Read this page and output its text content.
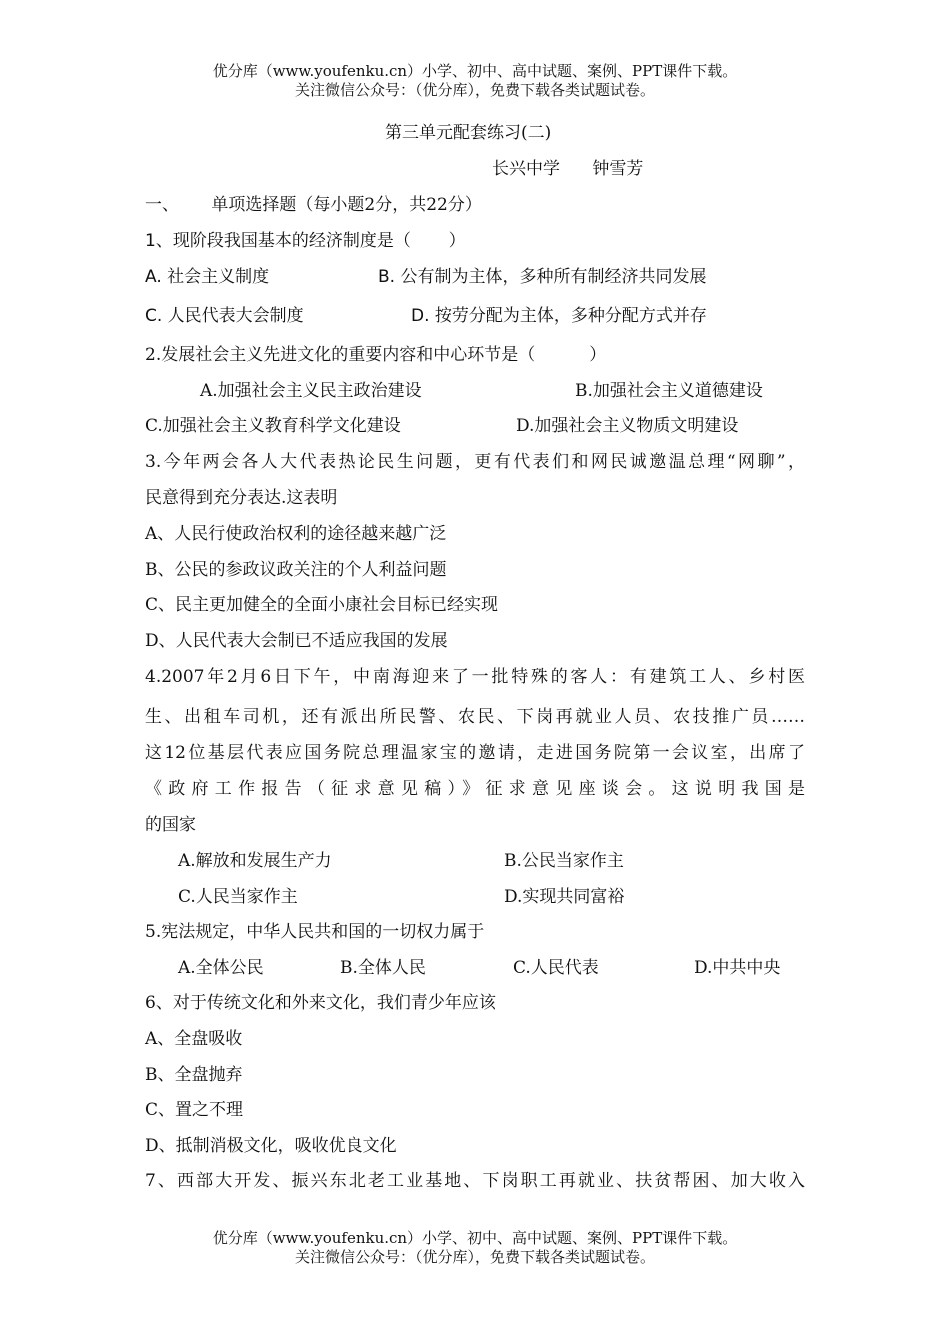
优分库（www.youfenku.cn）小学、初中、高中试题、案例、PPT课件下载。
关注微信公众号：（优分库），免费下载各类试题试卷。
第三单元配套练习(二)
长兴中学      钟雪芳
一、      单项选择题（每小题2分，共22分）
1、现阶段我国基本的经济制度是（       ）
A. 社会主义制度	B. 公有制为主体，多种所有制经济共同发展
C. 人民代表大会制度	D. 按劳分配为主体，多种分配方式并存
2.发展社会主义先进文化的重要内容和中心环节是（          ）
A.加强社会主义民主政治建设	B.加强社会主义道德建设
C.加强社会主义教育科学文化建设	D.加强社会主义物质文明建设
3.今年两会各人大代表热论民生问题，更有代表们和网民诚邀温总理“网聊”，
民意得到充分表达.这表明
A、人民行使政治权利的途径越来越广泛
B、公民的参政议政关注的个人利益问题
C、民主更加健全的全面小康社会目标已经实现
D、人民代表大会制已不适应我国的发展
4.2007年2月6日下午，中南海迎来了一批特殊的客人：有建筑工人、乡村医
生、出租车司机，还有派出所民警、农民、下岗再就业人员、农技推广员……
这12位基层代表应国务院总理温家宝的邀请，走进国务院第一会议室，出席了
《政府工作报告（征求意见稿）》征求意见座谈会。这说明我国是
的国家
A.解放和发展生产力	B.公民当家作主
C.人民当家作主	D.实现共同富裕
5.宪法规定，中华人民共和国的一切权力属于
A.全体公民	B.全体人民	C.人民代表	D.中共中央
6、对于传统文化和外来文化，我们青少年应该
A、全盘吸收
B、全盘抛弃
C、置之不理
D、抵制消极文化，吸收优良文化
7、西部大开发、振兴东北老工业基地、下岗职工再就业、扶贫帮困、加大收入
优分库（www.youfenku.cn）小学、初中、高中试题、案例、PPT课件下载。
关注微信公众号：（优分库），免费下载各类试题试卷。
